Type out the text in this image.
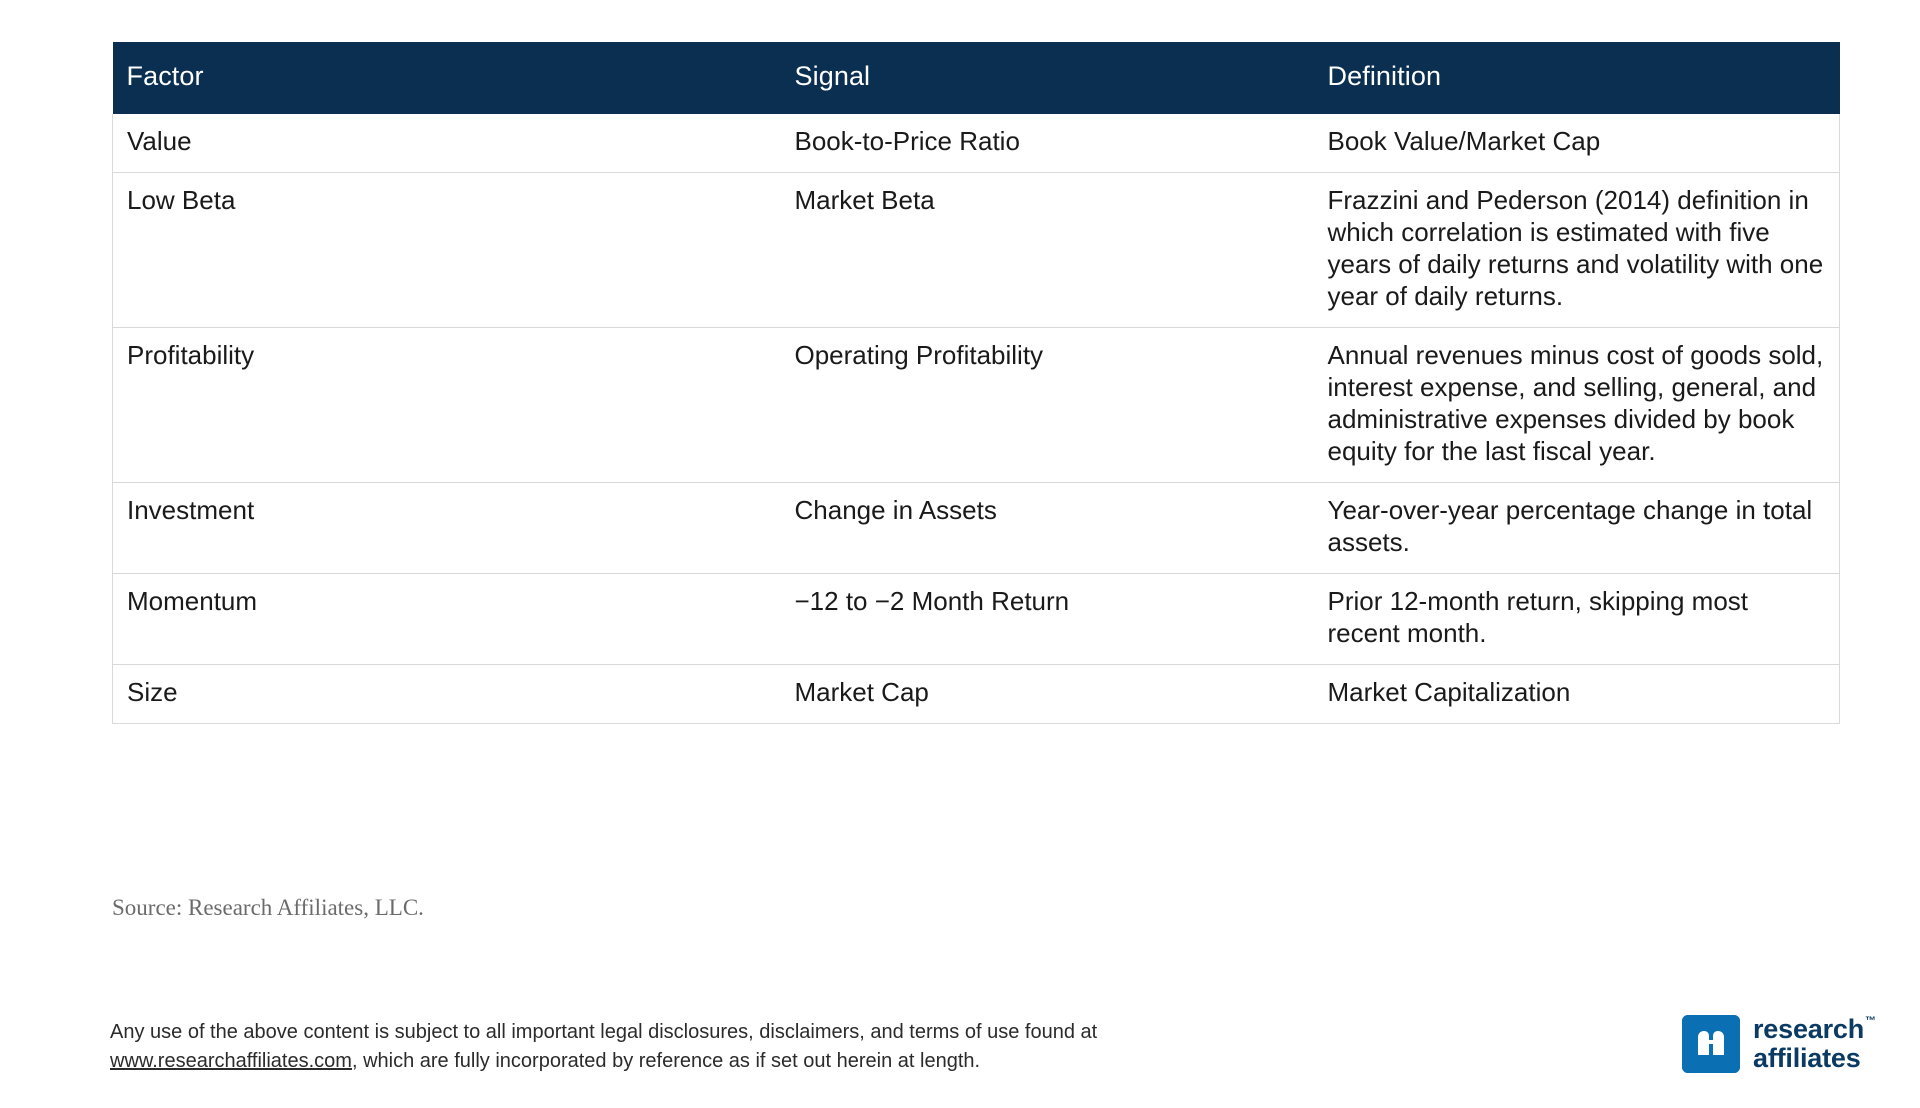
Factor	Signal	Definition
Value	Book-to-Price Ratio	Book Value/Market Cap
Low Beta	Market Beta	Frazzini and Pederson (2014) definition in which correlation is estimated with five years of daily returns and volatility with one year of daily returns.
Profitability	Operating Profitability	Annual revenues minus cost of goods sold, interest expense, and selling, general, and administrative expenses divided by book equity for the last fiscal year.
Investment	Change in Assets	Year-over-year percentage change in total assets.
Momentum	−12 to −2 Month Return	Prior 12-month return, skipping most recent month.
Size	Market Cap	Market Capitalization
Source: Research Affiliates, LLC.
Any use of the above content is subject to all important legal disclosures, disclaimers, and terms of use found at www.researchaffiliates.com, which are fully incorporated by reference as if set out herein at length.
research
affiliates
™
